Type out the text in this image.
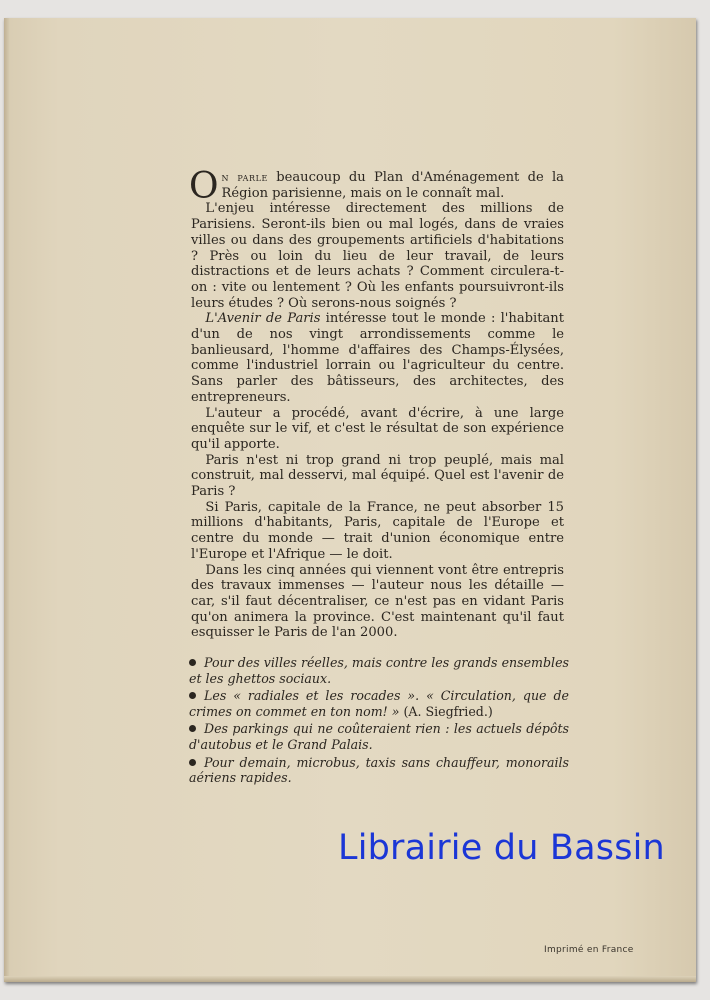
On parle beaucoup du Plan d'Aménagement de la Région parisienne, mais on le connaît mal.

L'enjeu intéresse directement des millions de Parisiens. Seront-ils bien ou mal logés, dans de vraies villes ou dans des groupements artificiels d'habitations ? Près ou loin du lieu de leur travail, de leurs distractions et de leurs achats ? Comment circulera-t-on : vite ou lentement ? Où les enfants poursuivront-ils leurs études ? Où serons-nous soignés ?

L'Avenir de Paris intéresse tout le monde : l'habitant d'un de nos vingt arrondissements comme le banlieusard, l'homme d'affaires des Champs-Élysées, comme l'industriel lorrain ou l'agriculteur du centre. Sans parler des bâtisseurs, des architectes, des entrepreneurs.

L'auteur a procédé, avant d'écrire, à une large enquête sur le vif, et c'est le résultat de son expérience qu'il apporte.

Paris n'est ni trop grand ni trop peuplé, mais mal construit, mal desservi, mal équipé. Quel est l'avenir de Paris ?

Si Paris, capitale de la France, ne peut absorber 15 millions d'habitants, Paris, capitale de l'Europe et centre du monde — trait d'union économique entre l'Europe et l'Afrique — le doit.

Dans les cinq années qui viennent vont être entrepris des travaux immenses — l'auteur nous les détaille — car, s'il faut décentraliser, ce n'est pas en vidant Paris qu'on animera la province. C'est maintenant qu'il faut esquisser le Paris de l'an 2000.

Pour des villes réelles, mais contre les grands ensembles et les ghettos sociaux.
Les « radiales et les rocades ». « Circulation, que de crimes on commet en ton nom! » (A. Siegfried.)
Des parkings qui ne coûteraient rien : les actuels dépôts d'autobus et le Grand Palais.
Pour demain, microbus, taxis sans chauffeur, monorails aériens rapides.
Librairie du Bassin
Imprimé en France
